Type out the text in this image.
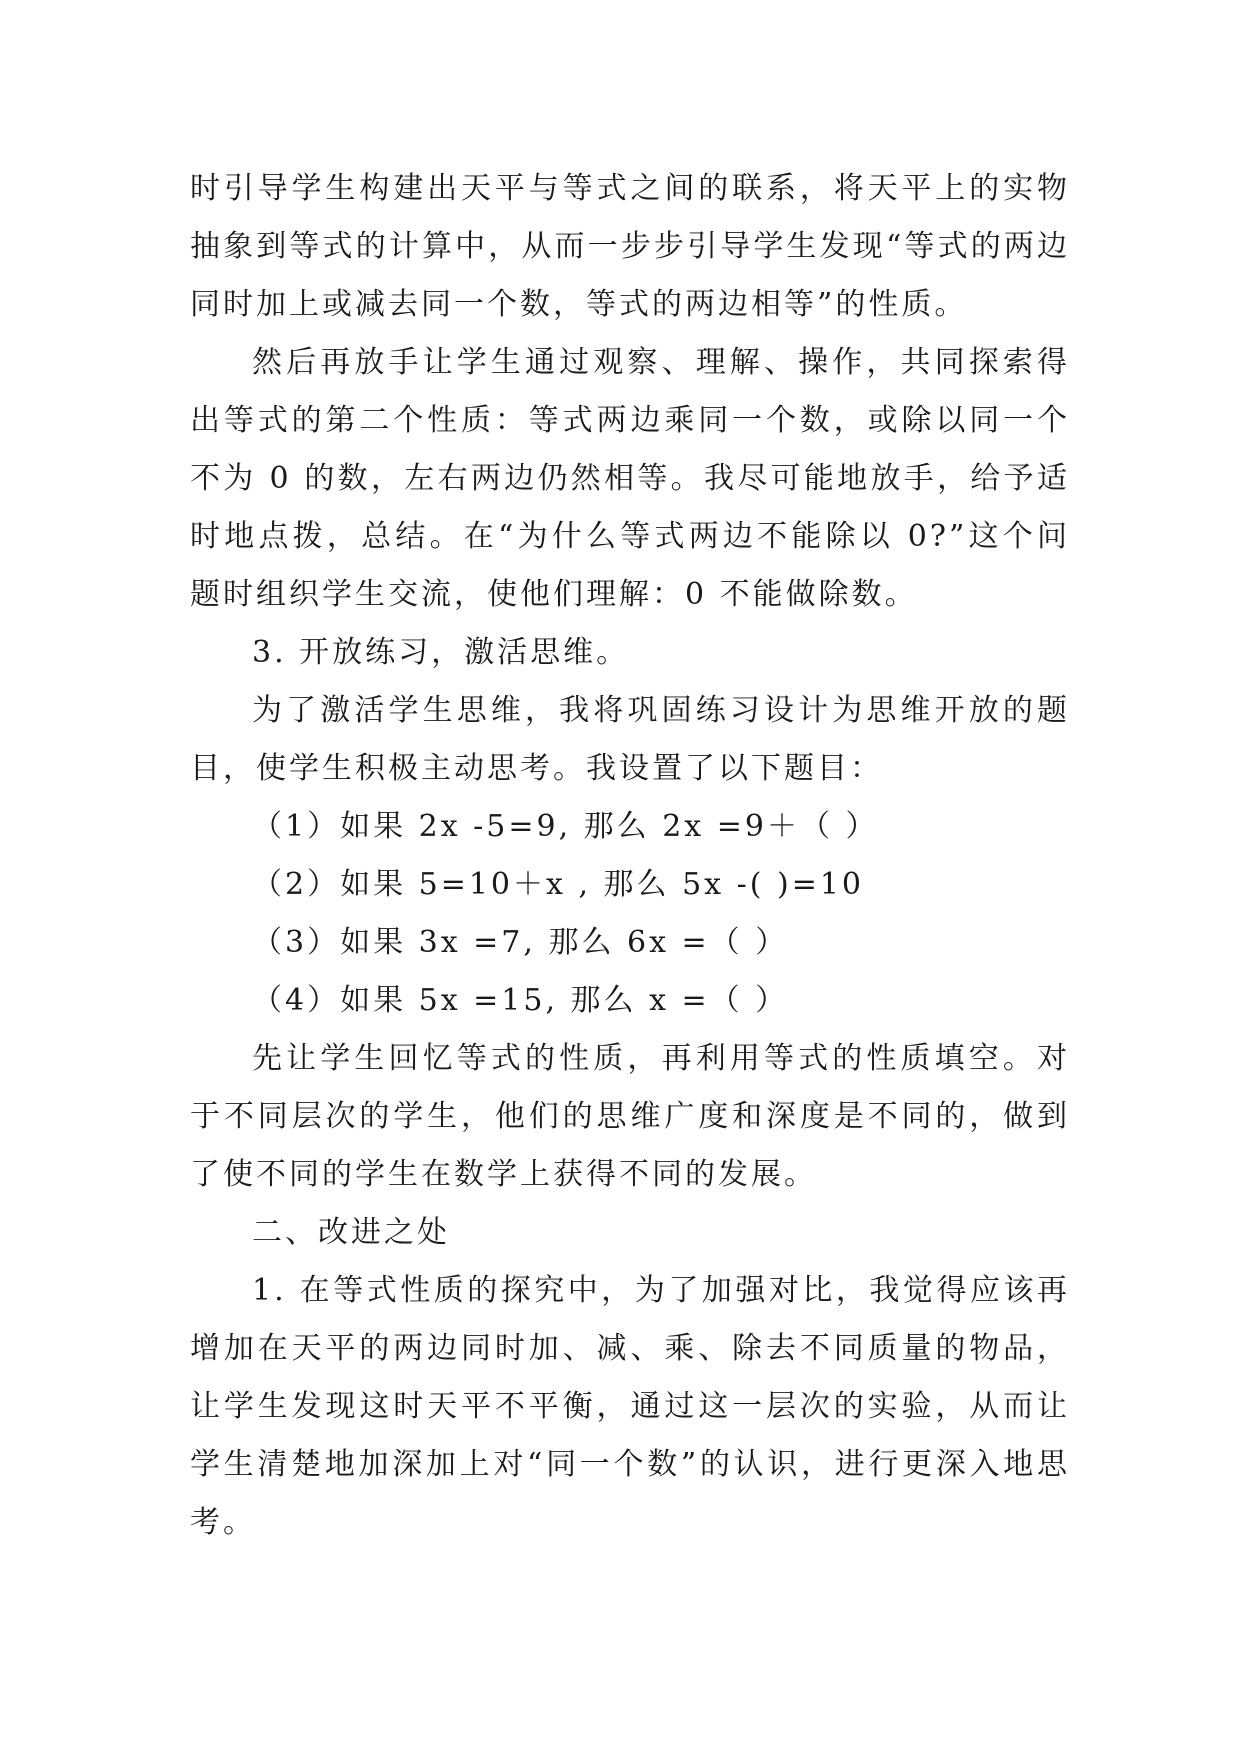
时引导学生构建出天平与等式之间的联系，将天平上的实物抽象到等式的计算中，从而一步步引导学生发现“等式的两边同时加上或减去同一个数，等式的两边相等”的性质。

然后再放手让学生通过观察、理解、操作，共同探索得出等式的第二个性质：等式两边乘同一个数，或除以同一个不为 0 的数，左右两边仍然相等。我尽可能地放手，给予适时地点拨，总结。在“为什么等式两边不能除以 0?”这个问题时组织学生交流，使他们理解：0 不能做除数。

3. 开放练习，激活思维。

为了激活学生思维，我将巩固练习设计为思维开放的题目，使学生积极主动思考。我设置了以下题目：

（1）如果 2x -5=9, 那么 2x =9＋（ ）

（2）如果 5=10＋x , 那么 5x -( )=10

（3）如果 3x =7, 那么 6x =（ ）

（4）如果 5x =15, 那么 x =（ ）

先让学生回忆等式的性质，再利用等式的性质填空。对于不同层次的学生，他们的思维广度和深度是不同的，做到了使不同的学生在数学上获得不同的发展。

二、改进之处

1. 在等式性质的探究中，为了加强对比，我觉得应该再增加在天平的两边同时加、减、乘、除去不同质量的物品，让学生发现这时天平不平衡，通过这一层次的实验，从而让学生清楚地加深加上对“同一个数”的认识，进行更深入地思考。
